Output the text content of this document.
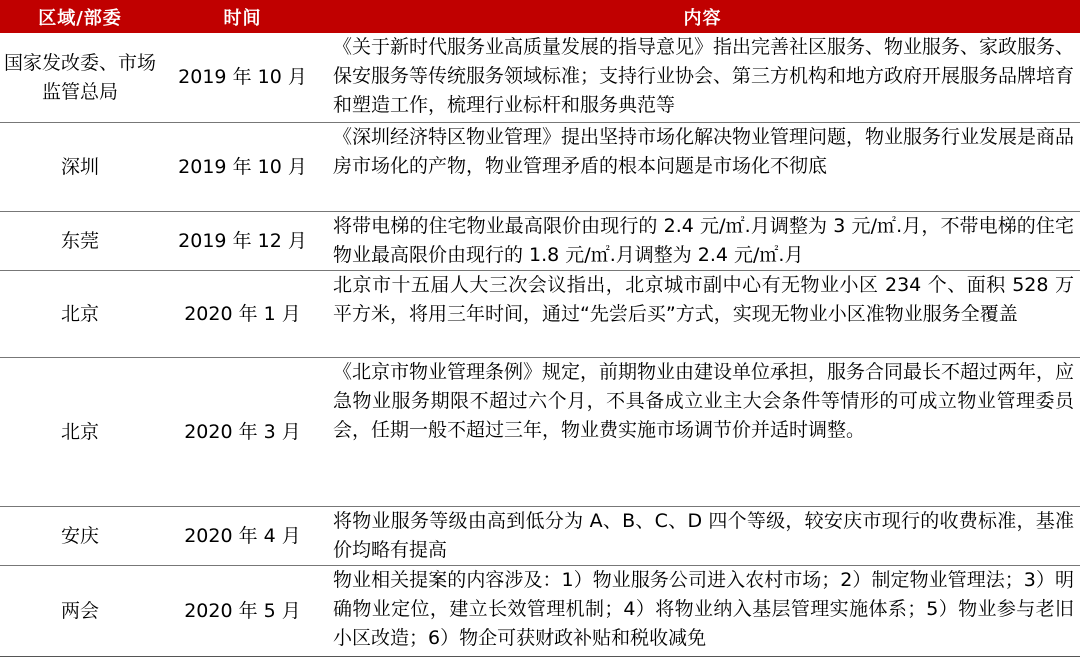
区域/部委	时间	内容
国家发改委、市场监管总局	2019 年 10 月	《关于新时代服务业高质量发展的指导意见》指出完善社区服务、物业服务、家政服务、保安服务等传统服务领域标准；支持行业协会、第三方机构和地方政府开展服务品牌培育和塑造工作，梳理行业标杆和服务典范等
深圳	2019 年 10 月	《深圳经济特区物业管理》提出坚持市场化解决物业管理问题，物业服务行业发展是商品房市场化的产物，物业管理矛盾的根本问题是市场化不彻底
东莞	2019 年 12 月	将带电梯的住宅物业最高限价由现行的 2.4 元/㎡.月调整为 3 元/㎡.月，不带电梯的住宅物业最高限价由现行的 1.8 元/㎡.月调整为 2.4 元/㎡.月
北京	2020 年 1 月	北京市十五届人大三次会议指出，北京城市副中心有无物业小区 234 个、面积 528 万平方米，将用三年时间，通过“先尝后买”方式，实现无物业小区准物业服务全覆盖
北京	2020 年 3 月	《北京市物业管理条例》规定，前期物业由建设单位承担，服务合同最长不超过两年，应急物业服务期限不超过六个月，不具备成立业主大会条件等情形的可成立物业管理委员会，任期一般不超过三年，物业费实施市场调节价并适时调整。
安庆	2020 年 4 月	将物业服务等级由高到低分为 A、B、C、D 四个等级，较安庆市现行的收费标准，基准价均略有提高
两会	2020 年 5 月	物业相关提案的内容涉及：1）物业服务公司进入农村市场；2）制定物业管理法；3）明确物业定位，建立长效管理机制；4）将物业纳入基层管理实施体系；5）物业参与老旧小区改造；6）物企可获财政补贴和税收减免
